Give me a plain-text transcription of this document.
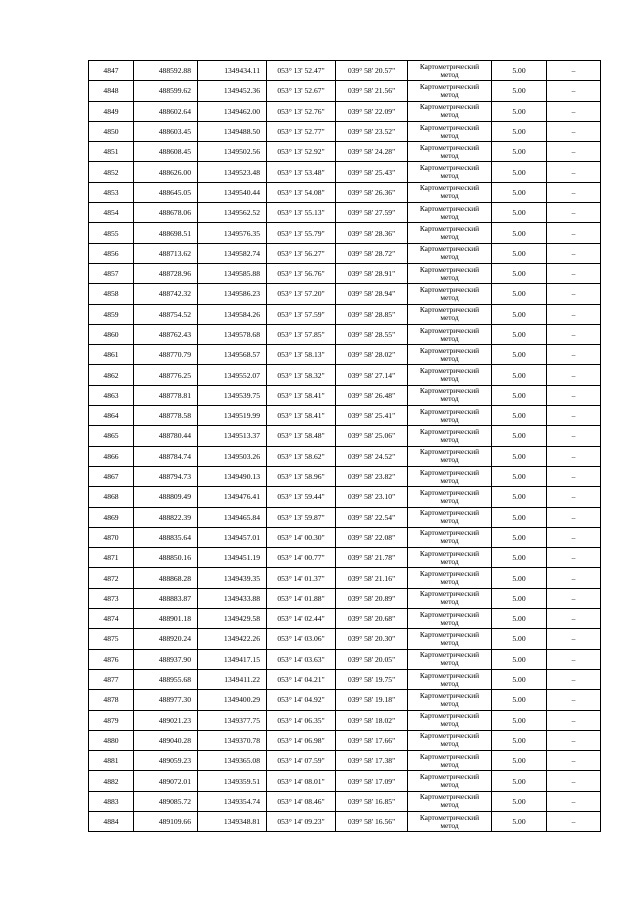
4847	488592.88	1349434.11	053° 13' 52.47"	039° 58' 20.57"	Картометрический метод	5.00	–
4848	488599.62	1349452.36	053° 13' 52.67"	039° 58' 21.56"	Картометрический метод	5.00	–
4849	488602.64	1349462.00	053° 13' 52.76"	039° 58' 22.09"	Картометрический метод	5.00	–
4850	488603.45	1349488.50	053° 13' 52.77"	039° 58' 23.52"	Картометрический метод	5.00	–
4851	488608.45	1349502.56	053° 13' 52.92"	039° 58' 24.28"	Картометрический метод	5.00	–
4852	488626.00	1349523.48	053° 13' 53.48"	039° 58' 25.43"	Картометрический метод	5.00	–
4853	488645.05	1349540.44	053° 13' 54.08"	039° 58' 26.36"	Картометрический метод	5.00	–
4854	488678.06	1349562.52	053° 13' 55.13"	039° 58' 27.59"	Картометрический метод	5.00	–
4855	488698.51	1349576.35	053° 13' 55.79"	039° 58' 28.36"	Картометрический метод	5.00	–
4856	488713.62	1349582.74	053° 13' 56.27"	039° 58' 28.72"	Картометрический метод	5.00	–
4857	488728.96	1349585.88	053° 13' 56.76"	039° 58' 28.91"	Картометрический метод	5.00	–
4858	488742.32	1349586.23	053° 13' 57.20"	039° 58' 28.94"	Картометрический метод	5.00	–
4859	488754.52	1349584.26	053° 13' 57.59"	039° 58' 28.85"	Картометрический метод	5.00	–
4860	488762.43	1349578.68	053° 13' 57.85"	039° 58' 28.55"	Картометрический метод	5.00	–
4861	488770.79	1349568.57	053° 13' 58.13"	039° 58' 28.02"	Картометрический метод	5.00	–
4862	488776.25	1349552.07	053° 13' 58.32"	039° 58' 27.14"	Картометрический метод	5.00	–
4863	488778.81	1349539.75	053° 13' 58.41"	039° 58' 26.48"	Картометрический метод	5.00	–
4864	488778.58	1349519.99	053° 13' 58.41"	039° 58' 25.41"	Картометрический метод	5.00	–
4865	488780.44	1349513.37	053° 13' 58.48"	039° 58' 25.06"	Картометрический метод	5.00	–
4866	488784.74	1349503.26	053° 13' 58.62"	039° 58' 24.52"	Картометрический метод	5.00	–
4867	488794.73	1349490.13	053° 13' 58.96"	039° 58' 23.82"	Картометрический метод	5.00	–
4868	488809.49	1349476.41	053° 13' 59.44"	039° 58' 23.10"	Картометрический метод	5.00	–
4869	488822.39	1349465.84	053° 13' 59.87"	039° 58' 22.54"	Картометрический метод	5.00	–
4870	488835.64	1349457.01	053° 14' 00.30"	039° 58' 22.08"	Картометрический метод	5.00	–
4871	488850.16	1349451.19	053° 14' 00.77"	039° 58' 21.78"	Картометрический метод	5.00	–
4872	488868.28	1349439.35	053° 14' 01.37"	039° 58' 21.16"	Картометрический метод	5.00	–
4873	488883.87	1349433.88	053° 14' 01.88"	039° 58' 20.89"	Картометрический метод	5.00	–
4874	488901.18	1349429.58	053° 14' 02.44"	039° 58' 20.68"	Картометрический метод	5.00	–
4875	488920.24	1349422.26	053° 14' 03.06"	039° 58' 20.30"	Картометрический метод	5.00	–
4876	488937.90	1349417.15	053° 14' 03.63"	039° 58' 20.05"	Картометрический метод	5.00	–
4877	488955.68	1349411.22	053° 14' 04.21"	039° 58' 19.75"	Картометрический метод	5.00	–
4878	488977.30	1349400.29	053° 14' 04.92"	039° 58' 19.18"	Картометрический метод	5.00	–
4879	489021.23	1349377.75	053° 14' 06.35"	039° 58' 18.02"	Картометрический метод	5.00	–
4880	489040.28	1349370.78	053° 14' 06.98"	039° 58' 17.66"	Картометрический метод	5.00	–
4881	489059.23	1349365.08	053° 14' 07.59"	039° 58' 17.38"	Картометрический метод	5.00	–
4882	489072.01	1349359.51	053° 14' 08.01"	039° 58' 17.09"	Картометрический метод	5.00	–
4883	489085.72	1349354.74	053° 14' 08.46"	039° 58' 16.85"	Картометрический метод	5.00	–
4884	489109.66	1349348.81	053° 14' 09.23"	039° 58' 16.56"	Картометрический метод	5.00	–
